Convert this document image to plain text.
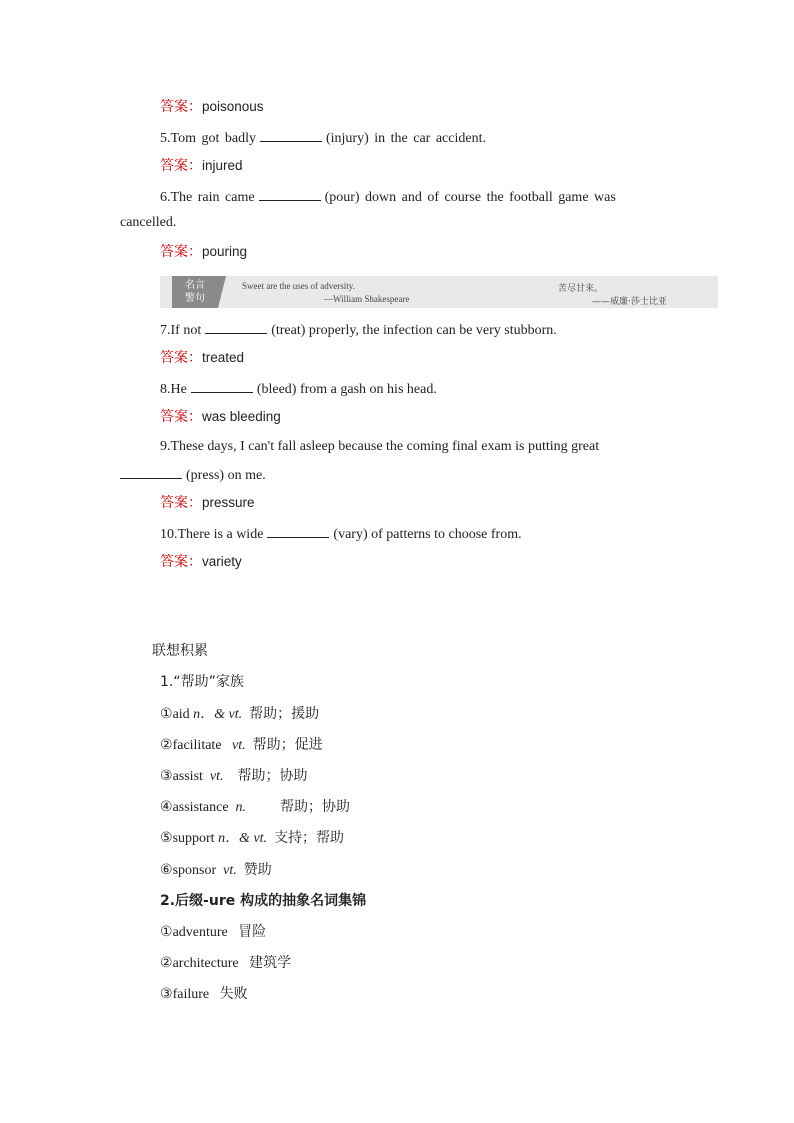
答案：poisonous
5.Tom got badly	(injury) in the car accident.
答案：injured
6.The rain came	(pour) down and of course the football game was
cancelled.
答案：pouring
名言
警句
Sweet are the uses of adversity.
—William Shakespeare
苦尽甘来。
——威廉·莎士比亚
7.If not	(treat) properly, the infection can be very stubborn.
答案：treated
8.He	(bleed) from a gash on his head.
答案：was bleeding
9.These days, I can't fall asleep because the coming final exam is putting great
(press) on me.
答案：pressure
10.There is a wide	(vary) of patterns to choose from.
答案：variety
联想积累
1.“帮助”家族
①aid n．& vt. 帮助；援助
②facilitate vt. 帮助；促进
③assist vt. 帮助；协助
④assistance n. 帮助；协助
⑤support n．& vt. 支持；帮助
⑥sponsor vt. 赞助
2.后缀-ure 构成的抽象名词集锦
①adventure 冒险
②architecture 建筑学
③failure 失败
